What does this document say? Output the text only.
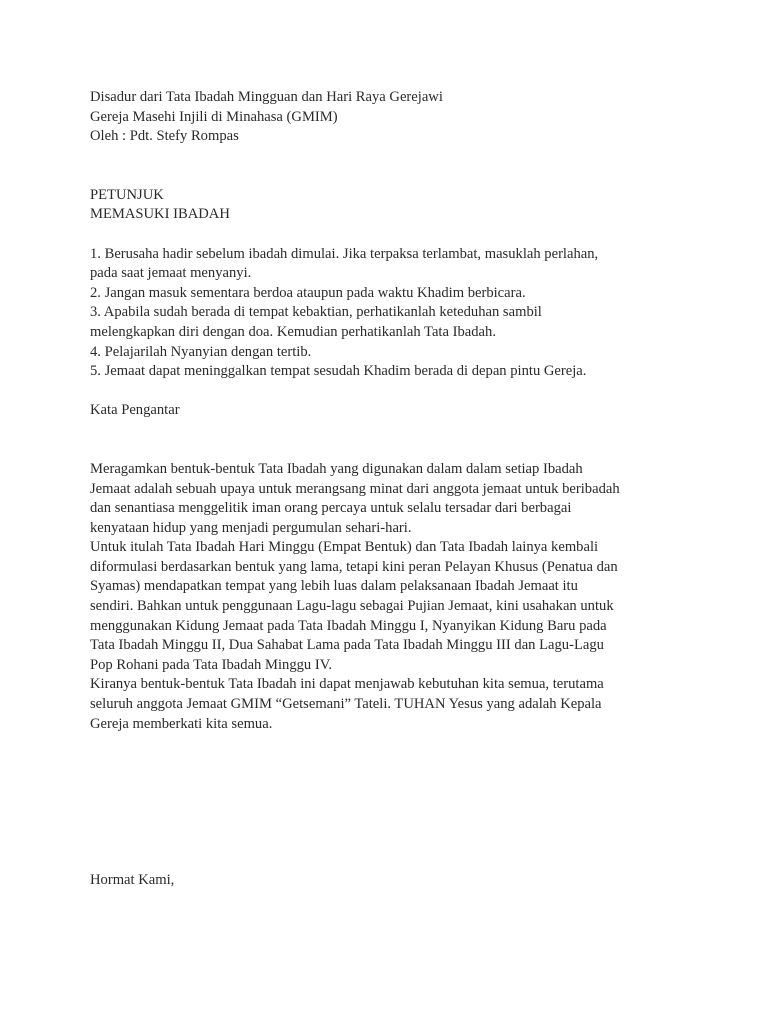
Disadur dari Tata Ibadah Mingguan dan Hari Raya Gerejawi
Gereja Masehi Injili di Minahasa (GMIM)
Oleh : Pdt. Stefy Rompas
PETUNJUK
MEMASUKI IBADAH
1. Berusaha hadir sebelum ibadah dimulai. Jika terpaksa terlambat, masuklah perlahan,
pada saat jemaat menyanyi.
2. Jangan masuk sementara berdoa ataupun pada waktu Khadim berbicara.
3. Apabila sudah berada di tempat kebaktian, perhatikanlah keteduhan sambil
melengkapkan diri dengan doa. Kemudian perhatikanlah Tata Ibadah.
4. Pelajarilah Nyanyian dengan tertib.
5. Jemaat dapat meninggalkan tempat sesudah Khadim berada di depan pintu Gereja.
Kata Pengantar
Meragamkan bentuk-bentuk Tata Ibadah yang digunakan dalam dalam setiap Ibadah
Jemaat adalah sebuah upaya untuk merangsang minat dari anggota jemaat untuk beribadah
dan senantiasa menggelitik iman orang percaya untuk selalu tersadar dari berbagai
kenyataan hidup yang menjadi pergumulan sehari-hari.
Untuk itulah Tata Ibadah Hari Minggu (Empat Bentuk) dan Tata Ibadah lainya kembali
diformulasi berdasarkan bentuk yang lama, tetapi kini peran Pelayan Khusus (Penatua dan
Syamas) mendapatkan tempat yang lebih luas dalam pelaksanaan Ibadah Jemaat itu
sendiri. Bahkan untuk penggunaan Lagu-lagu sebagai Pujian Jemaat, kini usahakan untuk
menggunakan Kidung Jemaat pada Tata Ibadah Minggu I, Nyanyikan Kidung Baru pada
Tata Ibadah Minggu II, Dua Sahabat Lama pada Tata Ibadah Minggu III dan Lagu-Lagu
Pop Rohani pada Tata Ibadah Minggu IV.
Kiranya bentuk-bentuk Tata Ibadah ini dapat menjawab kebutuhan kita semua, terutama
seluruh anggota Jemaat GMIM “Getsemani” Tateli. TUHAN Yesus yang adalah Kepala
Gereja memberkati kita semua.
Hormat Kami,
